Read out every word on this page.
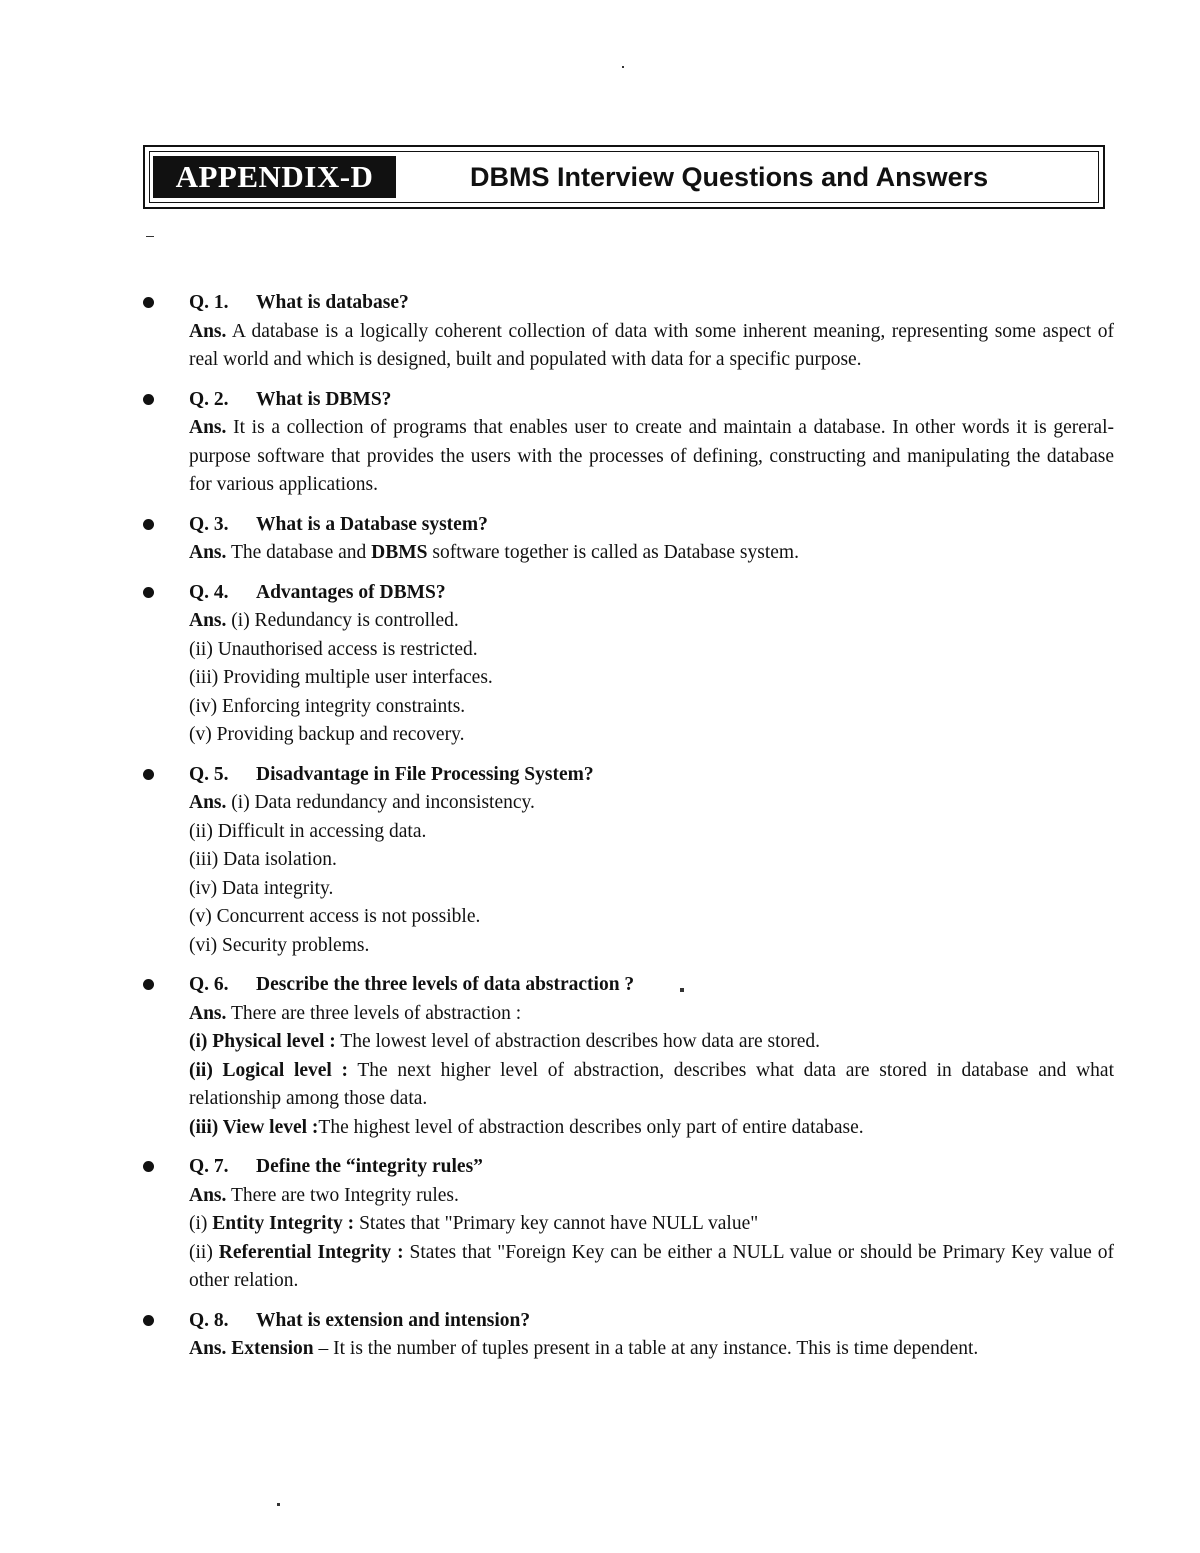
APPENDIX-D	DBMS Interview Questions and Answers
Q. 1. What is database?
Ans. A database is a logically coherent collection of data with some inherent meaning, representing some aspect of real world and which is designed, built and populated with data for a specific purpose.
Q. 2. What is DBMS?
Ans. It is a collection of programs that enables user to create and maintain a database. In other words it is gereral-purpose software that provides the users with the processes of defining, constructing and manipulating the database for various applications.
Q. 3. What is a Database system?
Ans. The database and DBMS software together is called as Database system.
Q. 4. Advantages of DBMS?
Ans. (i) Redundancy is controlled.
(ii) Unauthorised access is restricted.
(iii) Providing multiple user interfaces.
(iv) Enforcing integrity constraints.
(v) Providing backup and recovery.
Q. 5. Disadvantage in File Processing System?
Ans. (i) Data redundancy and inconsistency.
(ii) Difficult in accessing data.
(iii) Data isolation.
(iv) Data integrity.
(v) Concurrent access is not possible.
(vi) Security problems.
Q. 6. Describe the three levels of data abstraction ?
Ans. There are three levels of abstraction :
(i) Physical level : The lowest level of abstraction describes how data are stored.
(ii) Logical level : The next higher level of abstraction, describes what data are stored in database and what relationship among those data.
(iii) View level :The highest level of abstraction describes only part of entire database.
Q. 7. Define the “integrity rules”
Ans. There are two Integrity rules.
(i) Entity Integrity : States that "Primary key cannot have NULL value"
(ii) Referential Integrity : States that "Foreign Key can be either a NULL value or should be Primary Key value of other relation.
Q. 8. What is extension and intension?
Ans. Extension – It is the number of tuples present in a table at any instance. This is time dependent.
